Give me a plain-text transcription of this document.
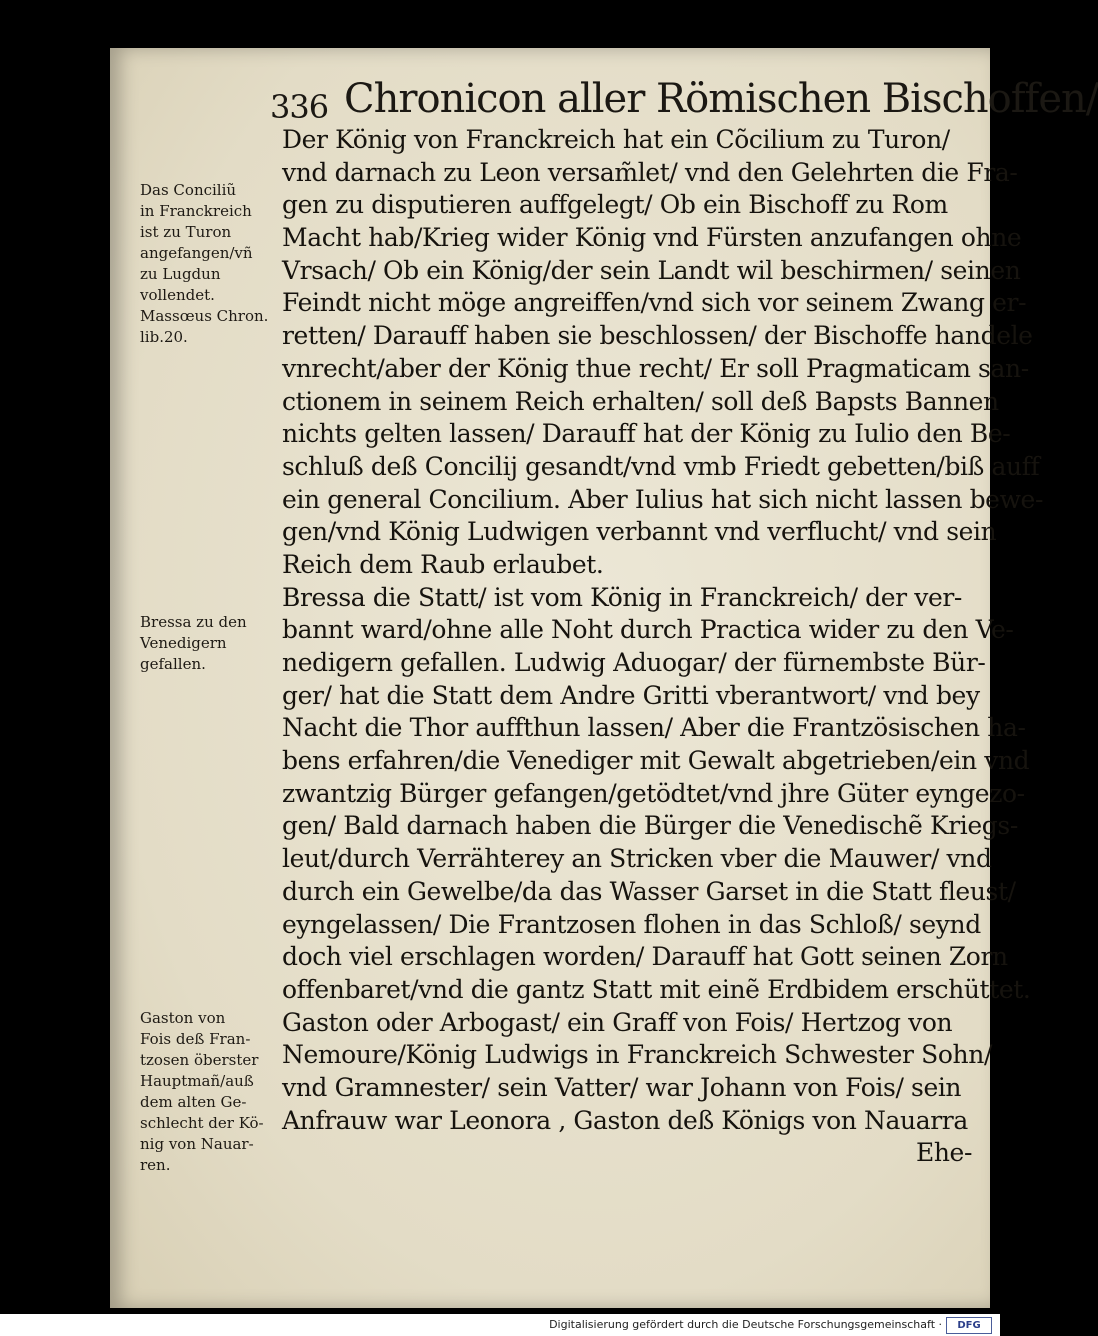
336 Chronicon aller Römischen Bischoffen/
Das Conciliũ
in Franckreich
ist zu Turon
angefangen/vñ
zu Lugdun
vollendet.
Massœus Chron.
lib.20.
Bressa zu den
Venedigern
gefallen.
Gaston von
Fois deß Fran-
tzosen öberster
Hauptmañ/auß
dem alten Ge-
schlecht der Kö-
nig von Nauar-
ren.
Der König von Franckreich hat ein Cõcilium zu Turon/
vnd darnach zu Leon versam̃let/ vnd den Gelehrten die Fra-
gen zu disputieren auffgelegt/ Ob ein Bischoff zu Rom
Macht hab/Krieg wider König vnd Fürsten anzufangen ohne
Vrsach/ Ob ein König/der sein Landt wil beschirmen/ seinen
Feindt nicht möge angreiffen/vnd sich vor seinem Zwang er-
retten/ Darauff haben sie beschlossen/ der Bischoffe handele
vnrecht/aber der König thue recht/ Er soll Pragmaticam san-
ctionem in seinem Reich erhalten/ soll deß Bapsts Bannen
nichts gelten lassen/ Darauff hat der König zu Iulio den Be-
schluß deß Concilij gesandt/vnd vmb Friedt gebetten/biß auff
ein general Concilium. Aber Iulius hat sich nicht lassen bewe-
gen/vnd König Ludwigen verbannt vnd verflucht/ vnd sein
Reich dem Raub erlaubet.
Bressa die Statt/ ist vom König in Franckreich/ der ver-
bannt ward/ohne alle Noht durch Practica wider zu den Ve-
nedigern gefallen. Ludwig Aduogar/ der fürnembste Bür-
ger/ hat die Statt dem Andre Gritti vberantwort/ vnd bey
Nacht die Thor auffthun lassen/ Aber die Frantzösischen ha-
bens erfahren/die Venediger mit Gewalt abgetrieben/ein vnd
zwantzig Bürger gefangen/getödtet/vnd jhre Güter eyngezo-
gen/ Bald darnach haben die Bürger die Venedischẽ Kriegs-
leut/durch Verrähterey an Stricken vber die Mauwer/ vnd
durch ein Gewelbe/da das Wasser Garset in die Statt fleust/
eyngelassen/ Die Frantzosen flohen in das Schloß/ seynd
doch viel erschlagen worden/ Darauff hat Gott seinen Zorn
offenbaret/vnd die gantz Statt mit einẽ Erdbidem erschüttet.
Gaston oder Arbogast/ ein Graff von Fois/ Hertzog von
Nemoure/König Ludwigs in Franckreich Schwester Sohn/
vnd Gramnester/ sein Vatter/ war Johann von Fois/ sein
Anfrauw war Leonora , Gaston deß Königs von Nauarra
Ehe-
Digitalisierung gefördert durch die Deutsche Forschungsgemeinschaft ·	DFG
